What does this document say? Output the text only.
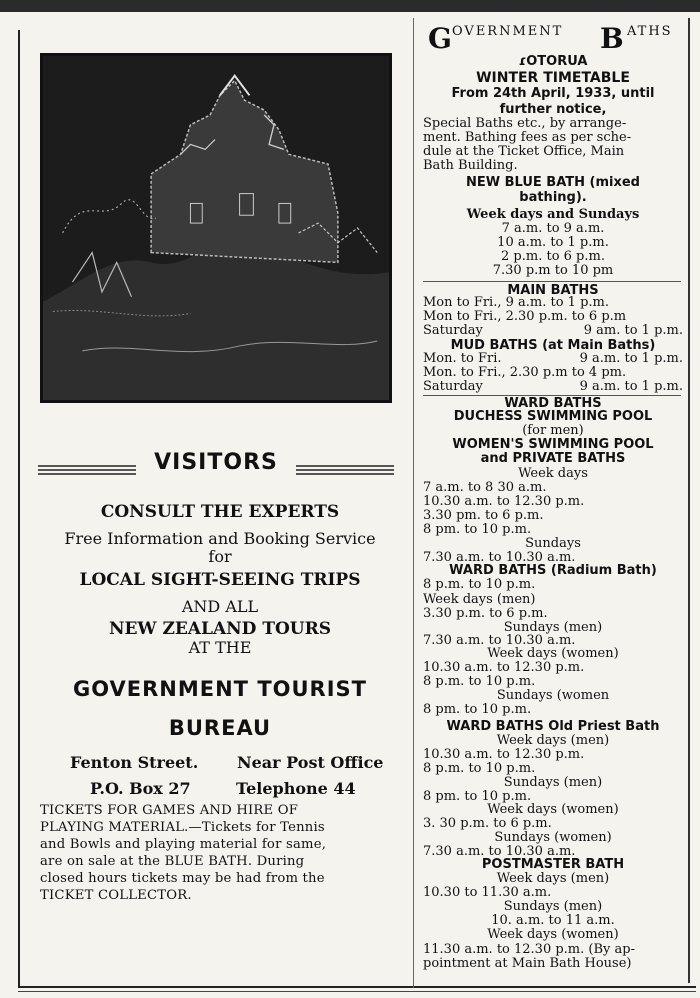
VISITORS
CONSULT THE EXPERTS
Free Information and Booking Service
for
LOCAL SIGHT-SEEING TRIPS
AND ALL
NEW ZEALAND TOURS
AT THE
GOVERNMENT TOURIST
BUREAU
Fenton Street. Near Post Office
P.O. Box 27	Telephone 44
TICKETS FOR GAMES AND HIRE OF
PLAYING MATERIAL.—Tickets for Tennis
and Bowls and playing material for same,
are on sale at the BLUE BATH. During
closed hours tickets may be had from the
TICKET COLLECTOR.
G OVERNMENT B ATHS
ɾOTORUA
WINTER TIMETABLE
From 24th April, 1933, until
further notice,
Special Baths etc., by arrange-
ment. Bathing fees as per sche-
dule at the Ticket Office, Main
Bath Building.
NEW BLUE BATH (mixed
bathing).
Week days and Sundays
7 a.m. to 9 a.m.
10 a.m. to 1 p.m.
2 p.m. to 6 p.m.
7.30 p.m to 10 pm
MAIN BATHS
Mon to Fri., 9 a.m. to 1 p.m.
Mon to Fri., 2.30 p.m. to 6 p.m
Saturday	9 am. to 1 p.m.
MUD BATHS (at Main Baths)
Mon. to Fri.	9 a.m. to 1 p.m.
Mon. to Fri., 2.30 p.m to 4 pm.
Saturday	9 a.m. to 1 p.m.
WARD BATHS
DUCHESS SWIMMING POOL
(for men)
WOMEN'S SWIMMING POOL
and PRIVATE BATHS
Week days
7 a.m. to 8 30 a.m.
10.30 a.m. to 12.30 p.m.
3.30 pm. to 6 p.m.
8 pm. to 10 p.m.
Sundays
7.30 a.m. to 10.30 a.m.
WARD BATHS (Radium Bath)
8 p.m. to 10 p.m.
Week days (men)
3.30 p.m. to 6 p.m.
Sundays (men)
7.30 a.m. to 10.30 a.m.
Week days (women)
10.30 a.m. to 12.30 p.m.
8 p.m. to 10 p.m.
Sundays (women
8 pm. to 10 p.m.
WARD BATHS Old Priest Bath
Week days (men)
10.30 a.m. to 12.30 p.m.
8 p.m. to 10 p.m.
Sundays (men)
8 pm. to 10 p.m.
Week days (women)
3. 30 p.m. to 6 p.m.
Sundays (women)
7.30 a.m. to 10.30 a.m.
POSTMASTER BATH
Week days (men)
10.30 to 11.30 a.m.
Sundays (men)
10. a.m. to 11 a.m.
Week days (women)
11.30 a.m. to 12.30 p.m. (By ap-
pointment at Main Bath House)
